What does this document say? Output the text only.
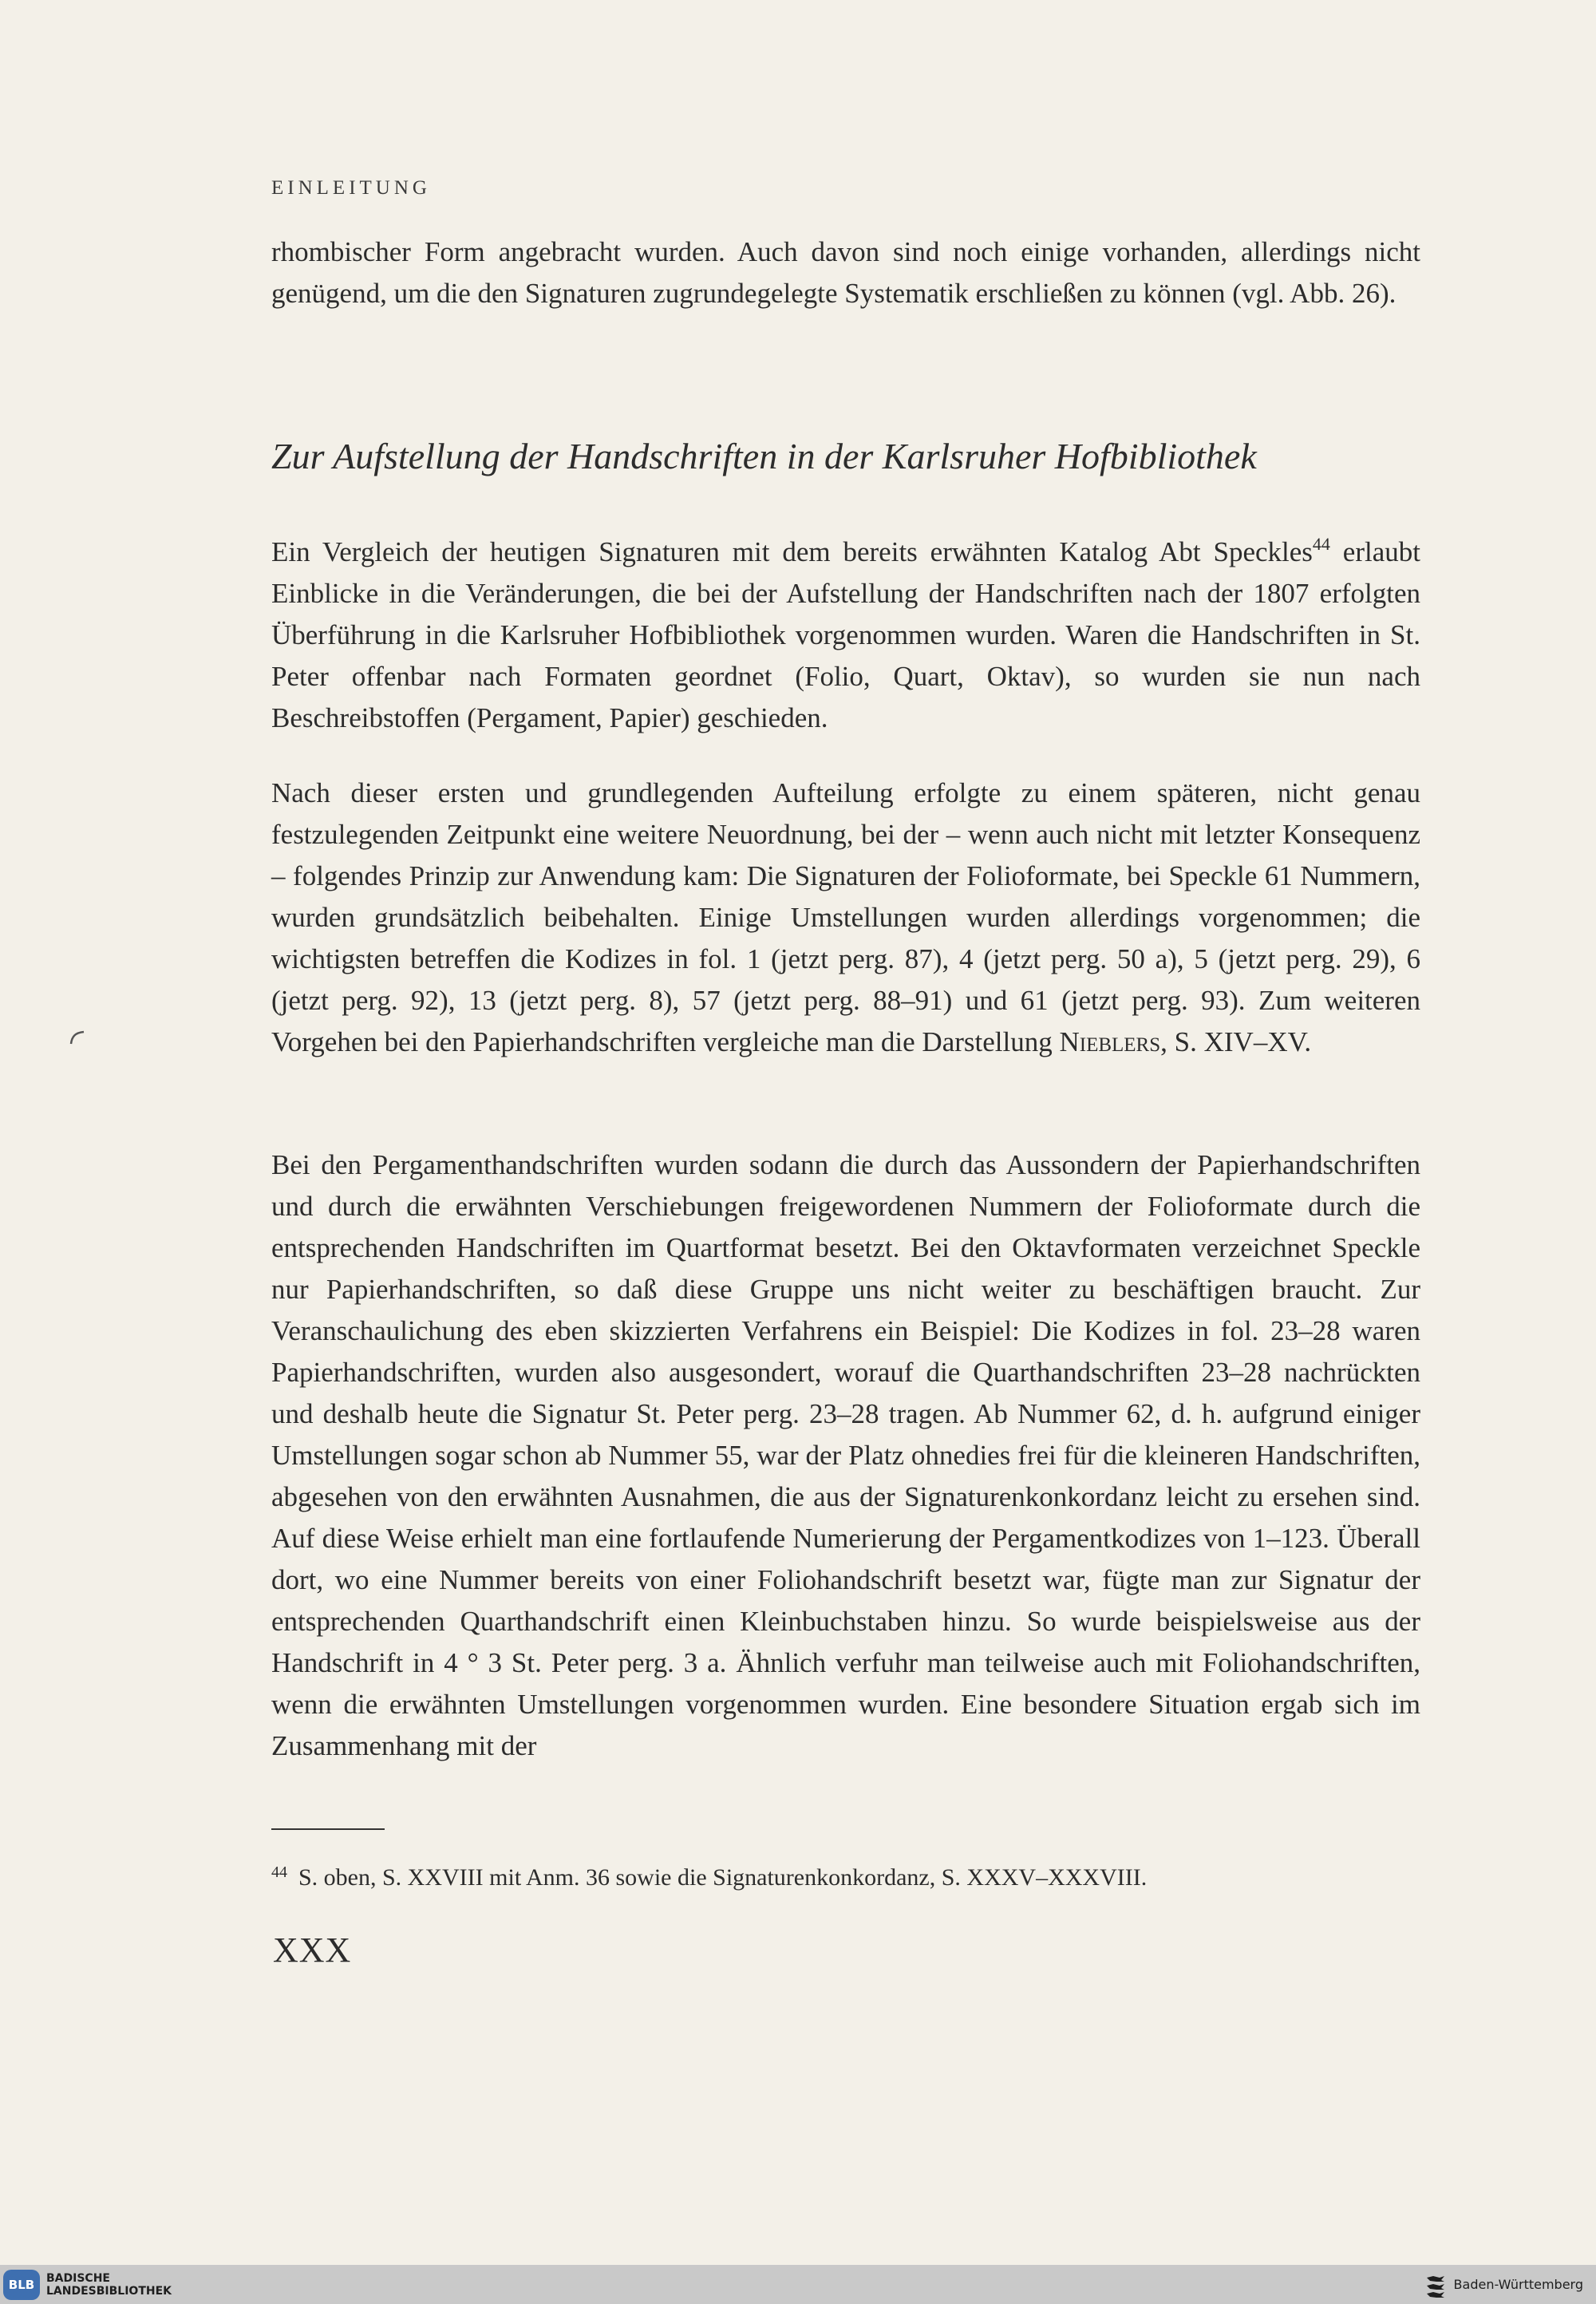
EINLEITUNG

rhombischer Form angebracht wurden. Auch davon sind noch einige vorhanden, allerdings nicht genügend, um die den Signaturen zugrundegelegte Systematik erschließen zu können (vgl. Abb. 26).

Zur Aufstellung der Handschriften in der Karlsruher Hofbibliothek

Ein Vergleich der heutigen Signaturen mit dem bereits erwähnten Katalog Abt Speckles$^{44}$ erlaubt Einblicke in die Veränderungen, die bei der Aufstellung der Handschriften nach der 1807 erfolgten Überführung in die Karlsruher Hofbibliothek vorgenommen wurden. Waren die Handschriften in St. Peter offenbar nach Formaten geordnet (Folio, Quart, Oktav), so wurden sie nun nach Beschreibstoffen (Pergament, Papier) geschieden.

Nach dieser ersten und grundlegenden Aufteilung erfolgte zu einem späteren, nicht genau festzulegenden Zeitpunkt eine weitere Neuordnung, bei der – wenn auch nicht mit letzter Konsequenz – folgendes Prinzip zur Anwendung kam: Die Signaturen der Folioformate, bei Speckle 61 Nummern, wurden grundsätzlich beibehalten. Einige Umstellungen wurden allerdings vorgenommen; die wichtigsten betreffen die Kodizes in fol. 1 (jetzt perg. 87), 4 (jetzt perg. 50 a), 5 (jetzt perg. 29), 6 (jetzt perg. 92), 13 (jetzt perg. 8), 57 (jetzt perg. 88–91) und 61 (jetzt perg. 93). Zum weiteren Vorgehen bei den Papierhandschriften vergleiche man die Darstellung Nieblers, S. XIV–XV.

Bei den Pergamenthandschriften wurden sodann die durch das Aussondern der Papierhandschriften und durch die erwähnten Verschiebungen freigewordenen Nummern der Folioformate durch die entsprechenden Handschriften im Quartformat besetzt. Bei den Oktavformaten verzeichnet Speckle nur Papierhandschriften, so daß diese Gruppe uns nicht weiter zu beschäftigen braucht. Zur Veranschaulichung des eben skizzierten Verfahrens ein Beispiel: Die Kodizes in fol. 23–28 waren Papierhandschriften, wurden also ausgesondert, worauf die Quarthandschriften 23–28 nachrückten und deshalb heute die Signatur St. Peter perg. 23–28 tragen. Ab Nummer 62, d. h. aufgrund einiger Umstellungen sogar schon ab Nummer 55, war der Platz ohnedies frei für die kleineren Handschriften, abgesehen von den erwähnten Ausnahmen, die aus der Signaturenkonkordanz leicht zu ersehen sind. Auf diese Weise erhielt man eine fortlaufende Numerierung der Pergamentkodizes von 1–123. Überall dort, wo eine Nummer bereits von einer Foliohandschrift besetzt war, fügte man zur Signatur der entsprechenden Quarthandschrift einen Kleinbuchstaben hinzu. So wurde beispielsweise aus der Handschrift in 4 ° 3 St. Peter perg. 3 a. Ähnlich verfuhr man teilweise auch mit Foliohandschriften, wenn die erwähnten Umstellungen vorgenommen wurden. Eine besondere Situation ergab sich im Zusammenhang mit der

$^{44}$ S. oben, S. XXVIII mit Anm. 36 sowie die Signaturenkonkordanz, S. XXXV–XXXVIII.
XXX
BLB	BADISCHE
LANDESBIBLIOTHEK	Baden-Württemberg
